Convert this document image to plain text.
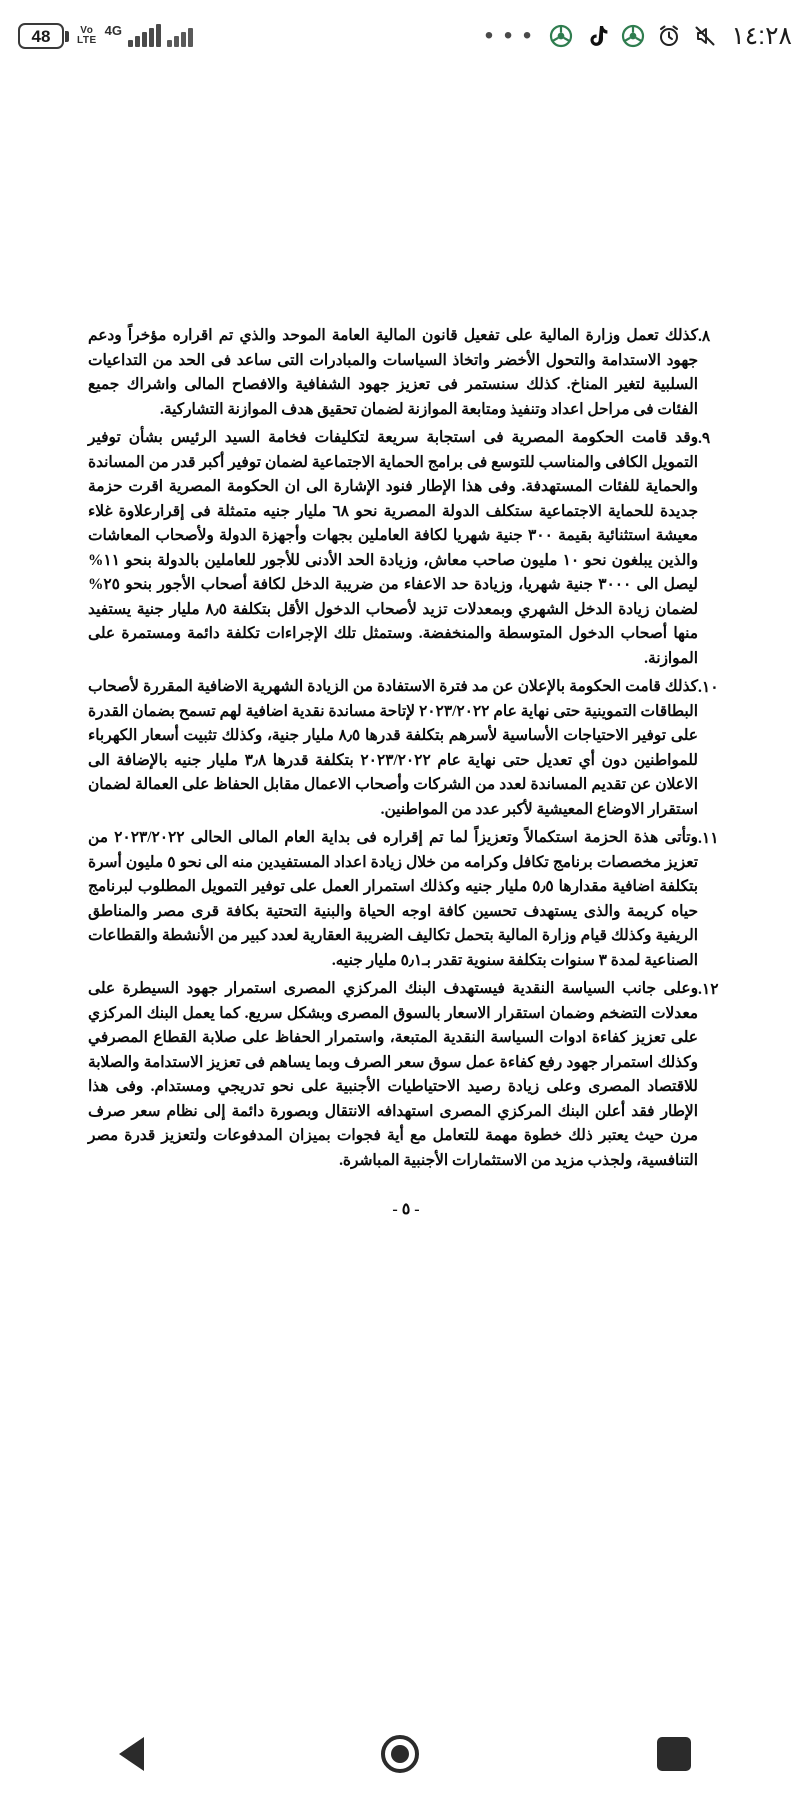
48	Vo
LTE
4G	• • •	١٤:٢٨
٨.
كذلك تعمل وزارة المالية على تفعيل قانون المالية العامة الموحد والذي تم اقراره مؤخراً ودعم جهود الاستدامة والتحول الأخضر واتخاذ السياسات والمبادرات التى ساعد فى الحد من التداعيات السلبية لتغير المناخ. كذلك سنستمر فى تعزيز جهود الشفافية والافصاح المالى واشراك جميع الفئات فى مراحل اعداد وتنفيذ ومتابعة الموازنة لضمان تحقيق هدف الموازنة التشاركية.
٩.
وقد قامت الحكومة المصرية فى استجابة سريعة لتكليفات فخامة السيد الرئيس بشأن توفير التمويل الكافى والمناسب للتوسع فى برامج الحماية الاجتماعية لضمان توفير أكبر قدر من المساندة والحماية للفئات المستهدفة. وفى هذا الإطار فنود الإشارة الى ان الحكومة المصرية اقرت حزمة جديدة للحماية الاجتماعية ستكلف الدولة المصرية نحو ٦٨ مليار جنيه متمثلة فى إقرارعلاوة غلاء معيشة استثنائية بقيمة ٣٠٠ جنية شهريا لكافة العاملين بجهات وأجهزة الدولة ولأصحاب المعاشات والذين يبلغون نحو ١٠ مليون صاحب معاش، وزيادة الحد الأدنى للأجور للعاملين بالدولة بنحو ١١% ليصل الى ٣٠٠٠ جنية شهريا، وزيادة حد الاعفاء من ضريبة الدخل لكافة أصحاب الأجور بنحو ٢٥% لضمان زيادة الدخل الشهري وبمعدلات تزيد لأصحاب الدخول الأقل بتكلفة ٨٫٥ مليار جنية يستفيد منها أصحاب الدخول المتوسطة والمنخفضة. وستمثل تلك الإجراءات تكلفة دائمة ومستمرة على الموازنة.
١٠.
كذلك قامت الحكومة بالإعلان عن مد فترة الاستفادة من الزيادة الشهرية الاضافية المقررة لأصحاب البطاقات التموينية حتى نهاية عام ٢٠٢٣/٢٠٢٢ لإتاحة مساندة نقدية اضافية لهم تسمح بضمان القدرة على توفير الاحتياجات الأساسية لأسرهم بتكلفة قدرها ٨٫٥ مليار جنية، وكذلك تثبيت أسعار الكهرباء للمواطنين دون أي تعديل حتى نهاية عام ٢٠٢٣/٢٠٢٢ بتكلفة قدرها ٣٫٨ مليار جنيه بالإضافة الى الاعلان عن تقديم المساندة لعدد من الشركات وأصحاب الاعمال مقابل الحفاظ على العمالة لضمان استقرار الاوضاع المعيشية لأكبر عدد من المواطنين.
١١.
وتأتى هذة الحزمة استكمالاً وتعزيزاً لما تم إقراره فى بداية العام المالى الحالى ٢٠٢٣/٢٠٢٢ من تعزيز مخصصات برنامج تكافل وكرامه من خلال زيادة اعداد المستفيدين منه الى نحو ٥ مليون أسرة بتكلفة اضافية مقدارها ٥٫٥ مليار جنيه وكذلك استمرار العمل على توفير التمويل المطلوب لبرنامج حياه كريمة والذى يستهدف تحسين كافة اوجه الحياة والبنية التحتية بكافة قرى مصر والمناطق الريفية وكذلك قيام وزارة المالية بتحمل تكاليف الضريبة العقارية لعدد كبير من الأنشطة والقطاعات الصناعية لمدة ٣ سنوات بتكلفة سنوية تقدر بـ٥٫١ مليار جنيه.
١٢.
وعلى جانب السياسة النقدية فيستهدف البنك المركزي المصرى استمرار جهود السيطرة على معدلات التضخم وضمان استقرار الاسعار بالسوق المصرى وبشكل سريع. كما يعمل البنك المركزي على تعزيز كفاءة ادوات السياسة النقدية المتبعة، واستمرار الحفاظ على صلابة القطاع المصرفي وكذلك استمرار جهود رفع كفاءة عمل سوق سعر الصرف وبما يساهم فى تعزيز الاستدامة والصلابة للاقتصاد المصرى وعلى زيادة رصيد الاحتياطيات الأجنبية على نحو تدريجي ومستدام. وفى هذا الإطار فقد أعلن البنك المركزي المصرى استهدافه الانتقال وبصورة دائمة إلى نظام سعر صرف مرن حيث يعتبر ذلك خطوة مهمة للتعامل مع أية فجوات بميزان المدفوعات ولتعزيز قدرة مصر التنافسية، ولجذب مزيد من الاستثمارات الأجنبية المباشرة.
- ٥ -
